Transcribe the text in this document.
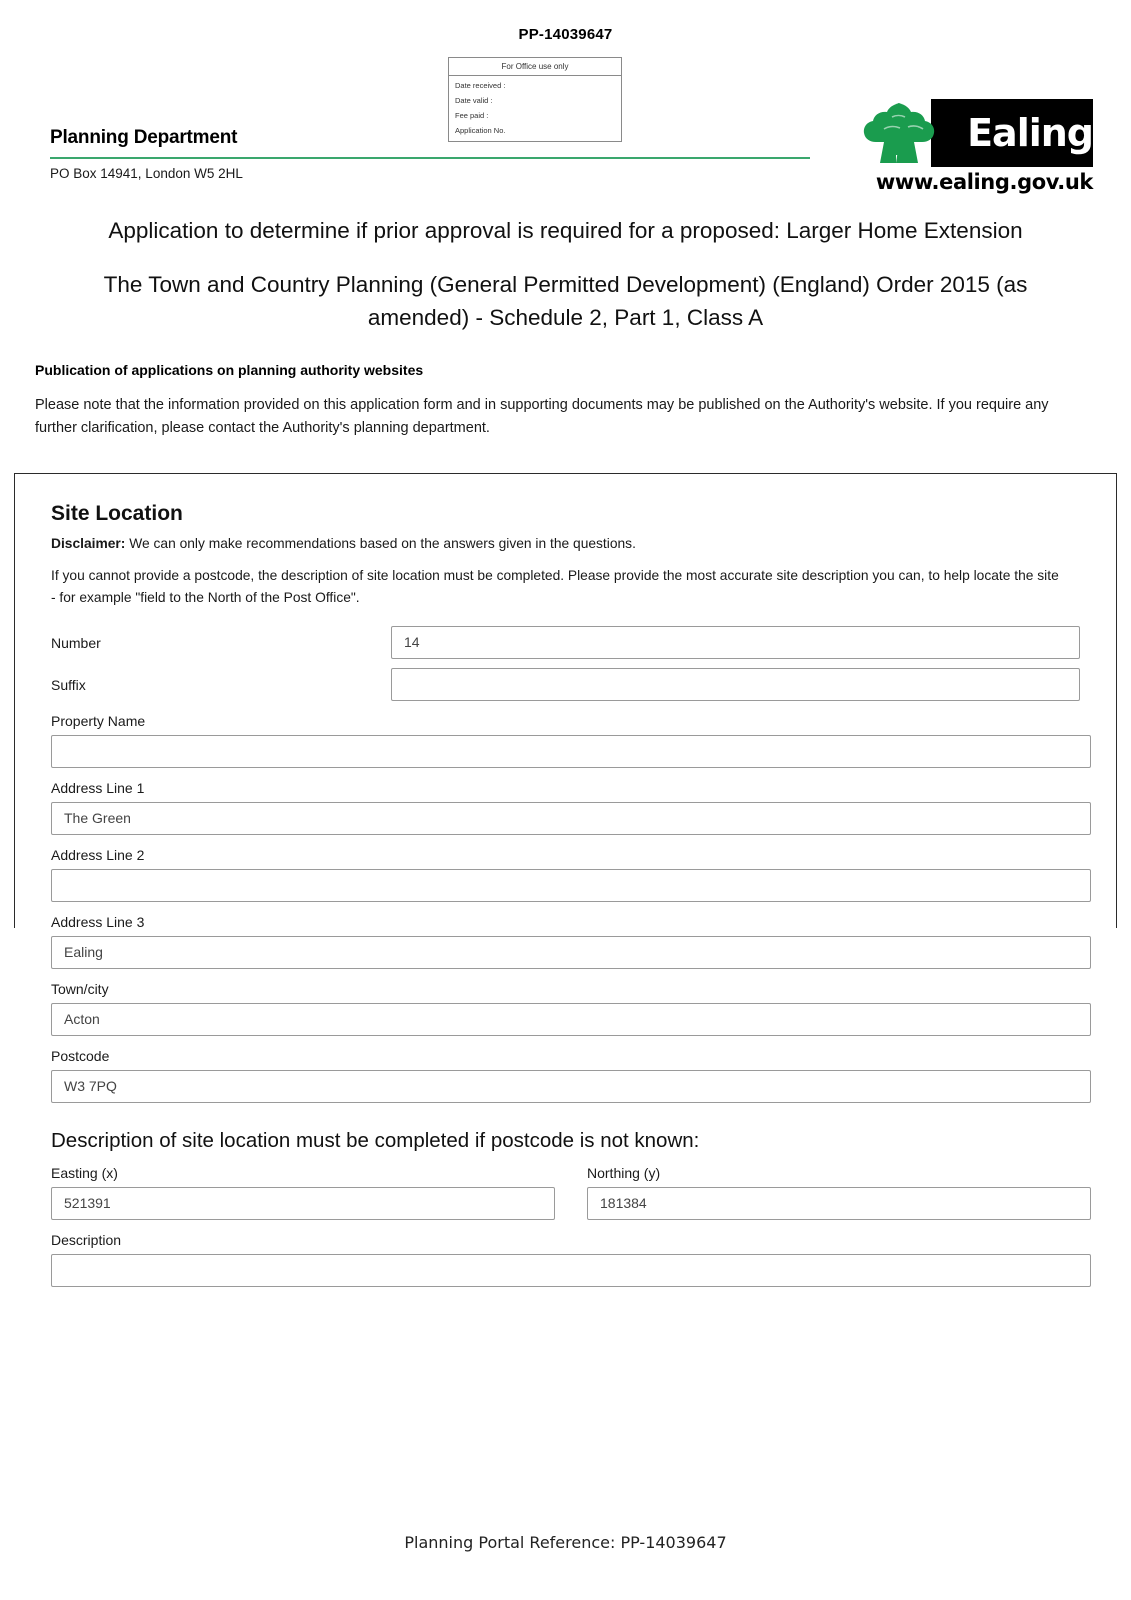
PP-14039647
For Office use only
Date received :
Date valid :
Fee paid :
Application No.
Planning Department
PO Box 14941, London W5 2HL
Ealing
www.ealing.gov.uk
Application to determine if prior approval is required for a proposed: Larger Home Extension
The Town and Country Planning (General Permitted Development) (England) Order 2015 (as amended) - Schedule 2, Part 1, Class A
Publication of applications on planning authority websites
Please note that the information provided on this application form and in supporting documents may be published on the Authority's website. If you require any further clarification, please contact the Authority's planning department.
Site Location
Disclaimer: We can only make recommendations based on the answers given in the questions.
If you cannot provide a postcode, the description of site location must be completed. Please provide the most accurate site description you can, to help locate the site - for example "field to the North of the Post Office".
Number	14
Suffix
Property Name
Address Line 1
The Green
Address Line 2
Address Line 3
Ealing
Town/city
Acton
Postcode
W3 7PQ
Description of site location must be completed if postcode is not known:
Easting (x)
521391
Northing (y)
181384
Description
Planning Portal Reference: PP-14039647
